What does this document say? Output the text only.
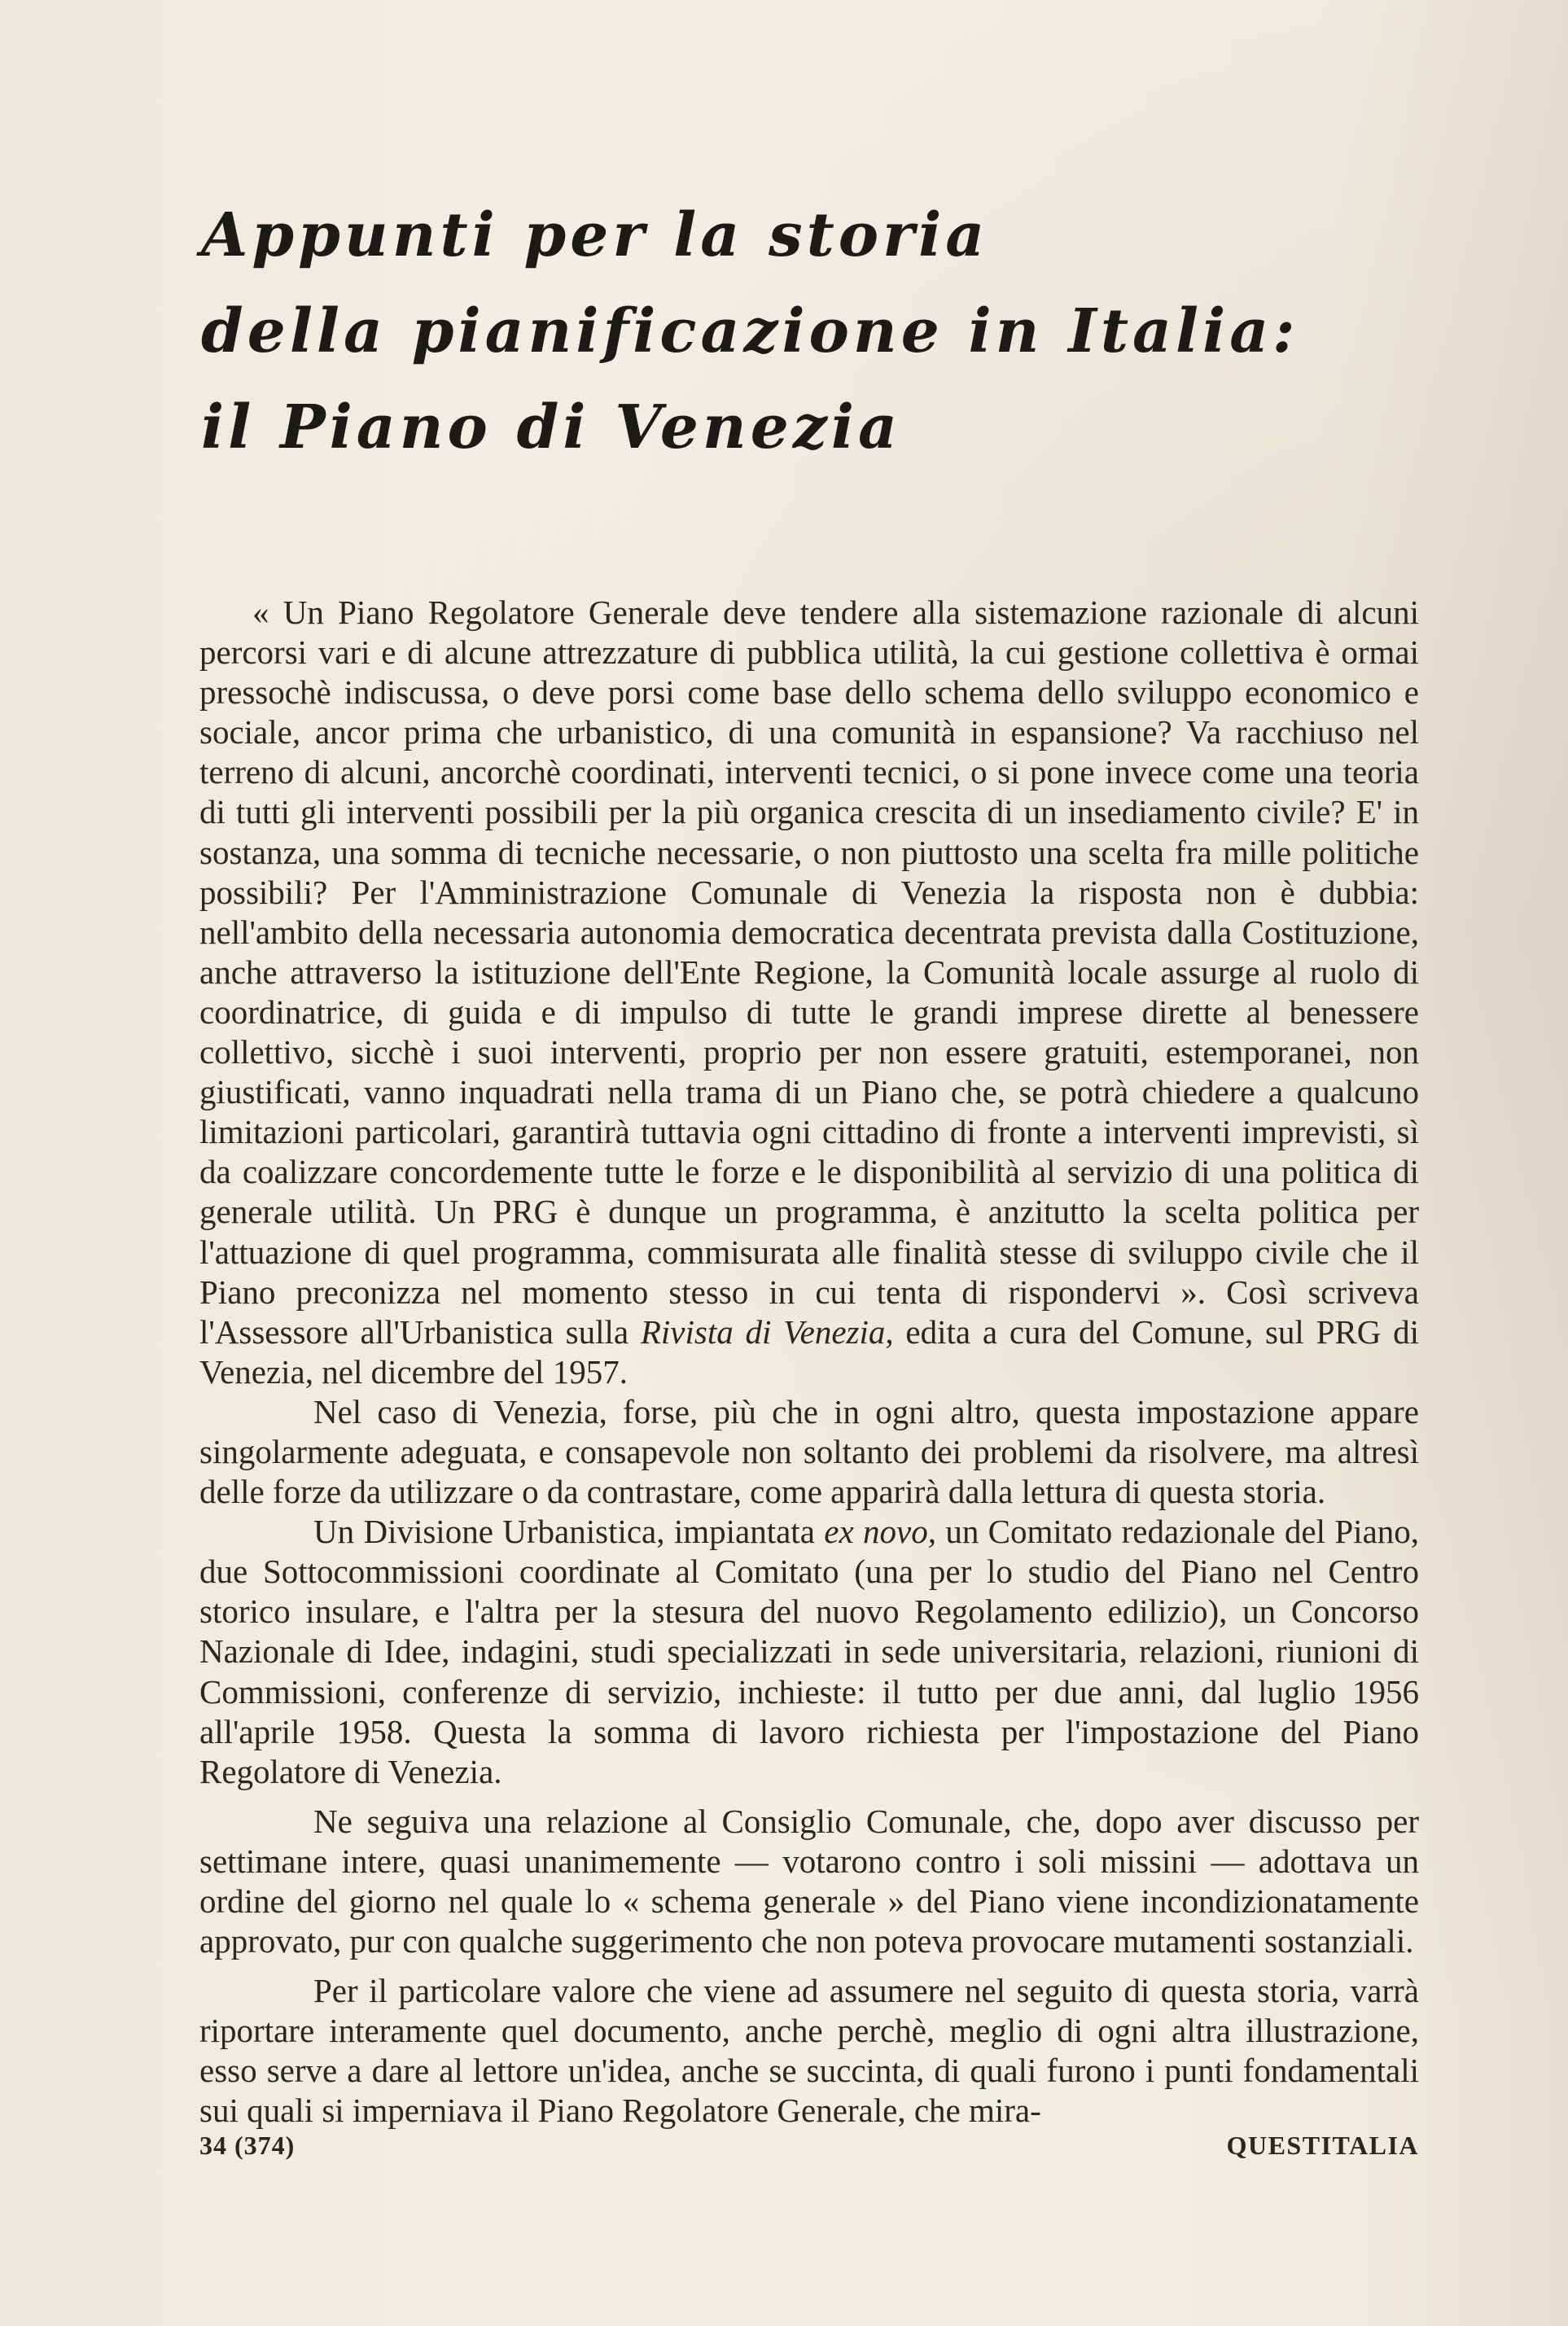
Appunti per la storia
della pianificazione in Italia:
il Piano di Venezia

« Un Piano Regolatore Generale deve tendere alla sistemazione razionale di alcuni percorsi vari e di alcune attrezzature di pubblica utilità, la cui gestione collettiva è ormai pressochè indiscussa, o deve porsi come base dello schema dello sviluppo economico e sociale, ancor prima che urbanistico, di una comunità in espansione? Va racchiuso nel terreno di alcuni, ancorchè coordinati, interventi tecnici, o si pone invece come una teoria di tutti gli interventi possibili per la più organica crescita di un insediamento civile? E' in sostanza, una somma di tecniche necessarie, o non piuttosto una scelta fra mille politiche possibili? Per l'Amministrazione Comunale di Venezia la risposta non è dubbia: nell'ambito della necessaria autonomia democratica decentrata prevista dalla Costituzione, anche attraverso la istituzione dell'Ente Regione, la Comunità locale assurge al ruolo di coordinatrice, di guida e di impulso di tutte le grandi imprese dirette al benessere collettivo, sicchè i suoi interventi, proprio per non essere gratuiti, estemporanei, non giustificati, vanno inquadrati nella trama di un Piano che, se potrà chiedere a qualcuno limitazioni particolari, garantirà tuttavia ogni cittadino di fronte a interventi imprevisti, sì da coalizzare concordemente tutte le forze e le disponibilità al servizio di una politica di generale utilità. Un PRG è dunque un programma, è anzitutto la scelta politica per l'attuazione di quel programma, commisurata alle finalità stesse di sviluppo civile che il Piano preconizza nel momento stesso in cui tenta di rispondervi ». Così scriveva l'Assessore all'Urbanistica sulla Rivista di Venezia, edita a cura del Comune, sul PRG di Venezia, nel dicembre del 1957.

Nel caso di Venezia, forse, più che in ogni altro, questa impostazione appare singolarmente adeguata, e consapevole non soltanto dei problemi da risolvere, ma altresì delle forze da utilizzare o da contrastare, come apparirà dalla lettura di questa storia.

Un Divisione Urbanistica, impiantata ex novo, un Comitato redazionale del Piano, due Sottocommissioni coordinate al Comitato (una per lo studio del Piano nel Centro storico insulare, e l'altra per la stesura del nuovo Regolamento edilizio), un Concorso Nazionale di Idee, indagini, studi specializzati in sede universitaria, relazioni, riunioni di Commissioni, conferenze di servizio, inchieste: il tutto per due anni, dal luglio 1956 all'aprile 1958. Questa la somma di lavoro richiesta per l'impostazione del Piano Regolatore di Venezia.

Ne seguiva una relazione al Consiglio Comunale, che, dopo aver discusso per settimane intere, quasi unanimemente — votarono contro i soli missini — adottava un ordine del giorno nel quale lo « schema generale » del Piano viene incondizionatamente approvato, pur con qualche suggerimento che non poteva provocare mutamenti sostanziali.

Per il particolare valore che viene ad assumere nel seguito di questa storia, varrà riportare interamente quel documento, anche perchè, meglio di ogni altra illustrazione, esso serve a dare al lettore un'idea, anche se succinta, di quali furono i punti fondamentali sui quali si imperniava il Piano Regolatore Generale, che mira-

34 (374)	QUESTITALIA
